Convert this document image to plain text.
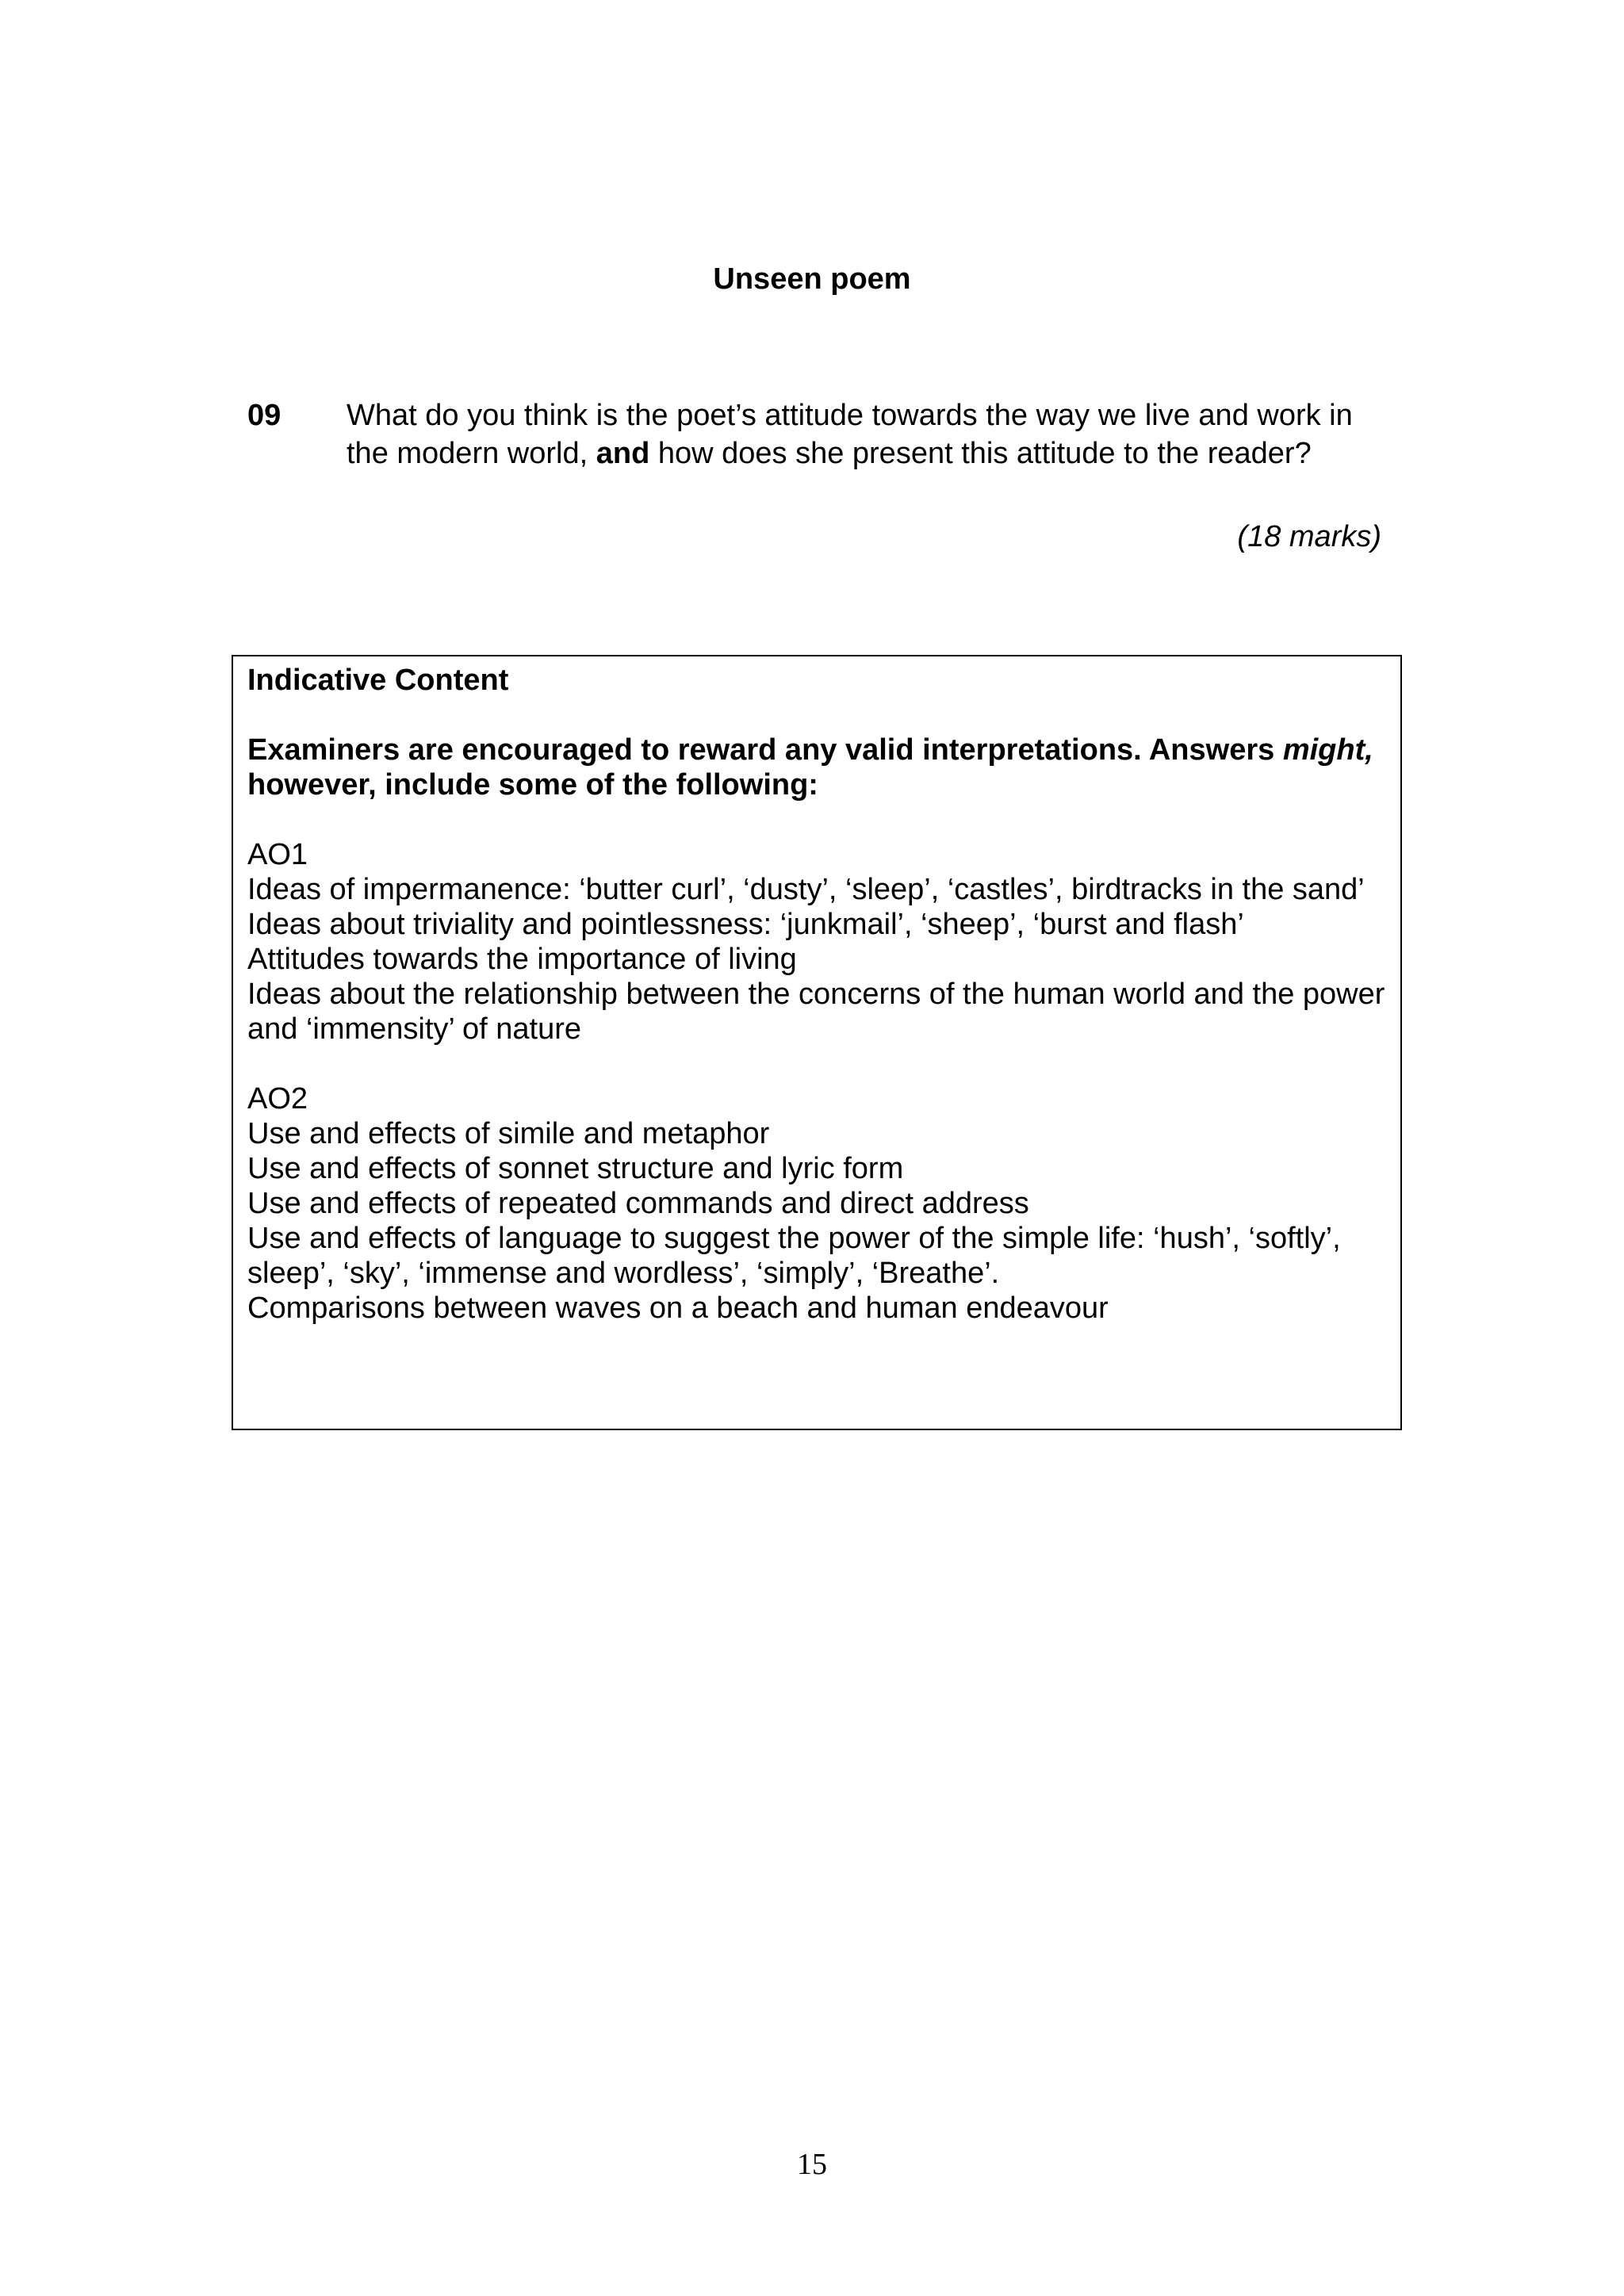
Unseen poem
09 What do you think is the poet’s attitude towards the way we live and work in the modern world, and how does she present this attitude to the reader?
(18 marks)
Indicative Content
Examiners are encouraged to reward any valid interpretations. Answers might, however, include some of the following:
AO1
Ideas of impermanence: ‘butter curl’, ‘dusty’, ‘sleep’, ‘castles’, birdtracks in the sand’
Ideas about triviality and pointlessness: ‘junkmail’, ‘sheep’, ‘burst and flash’
Attitudes towards the importance of living
Ideas about the relationship between the concerns of the human world and the power and ‘immensity’ of nature
AO2
Use and effects of simile and metaphor
Use and effects of sonnet structure and lyric form
Use and effects of repeated commands and direct address
Use and effects of language to suggest the power of the simple life: ‘hush’, ‘softly’, sleep’, ‘sky’, ‘immense and wordless’, ‘simply’, ‘Breathe’.
Comparisons between waves on a beach and human endeavour
15
